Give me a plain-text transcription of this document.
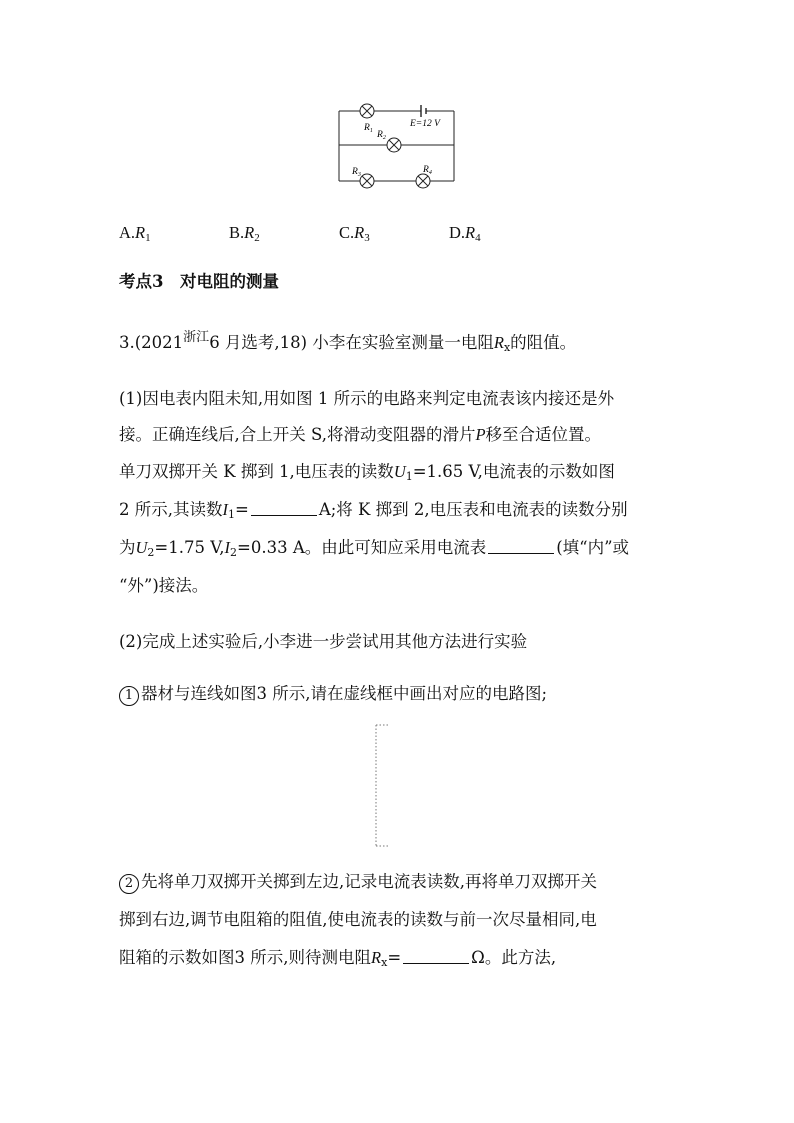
$R_1$ $R_2$
$R_3$	$R_4$
E=12 V
$A.R_1$	$B.R_2$	$C.R_3$	$D.R_4$
考点3　对电阻的测量
$3.(2021^{浙江}6$ 月选考,18) 小李在实验室测量一电阻$R_x$的阻值。
(1)因电表内阻未知,用如图 1 所示的电路来判定电流表该内接还是外
接。正确连线后,合上开关 S,将滑动变阻器的滑片P移至合适位置。
单刀双掷开关 K 掷到 1,电压表的读数$U_1=1.65$ V,电流表的示数如图
2 所示,其读数$I_1=$	A;将 K 掷到 2,电压表和电流表的读数分别
为$U_2=1.75$ $V,I_2=0.33$ A。由此可知应采用电流表	(填“内”或
“外”)接法。
(2)完成上述实验后,小李进一步尝试用其他方法进行实验
1 器材与连线如图3 所示,请在虚线框中画出对应的电路图;
2 先将单刀双掷开关掷到左边,记录电流表读数,再将单刀双掷开关
掷到右边,调节电阻箱的阻值,使电流表的读数与前一次尽量相同,电
阻箱的示数如图3 所示,则待测电阻$R_x=$	Ω。此方法,
